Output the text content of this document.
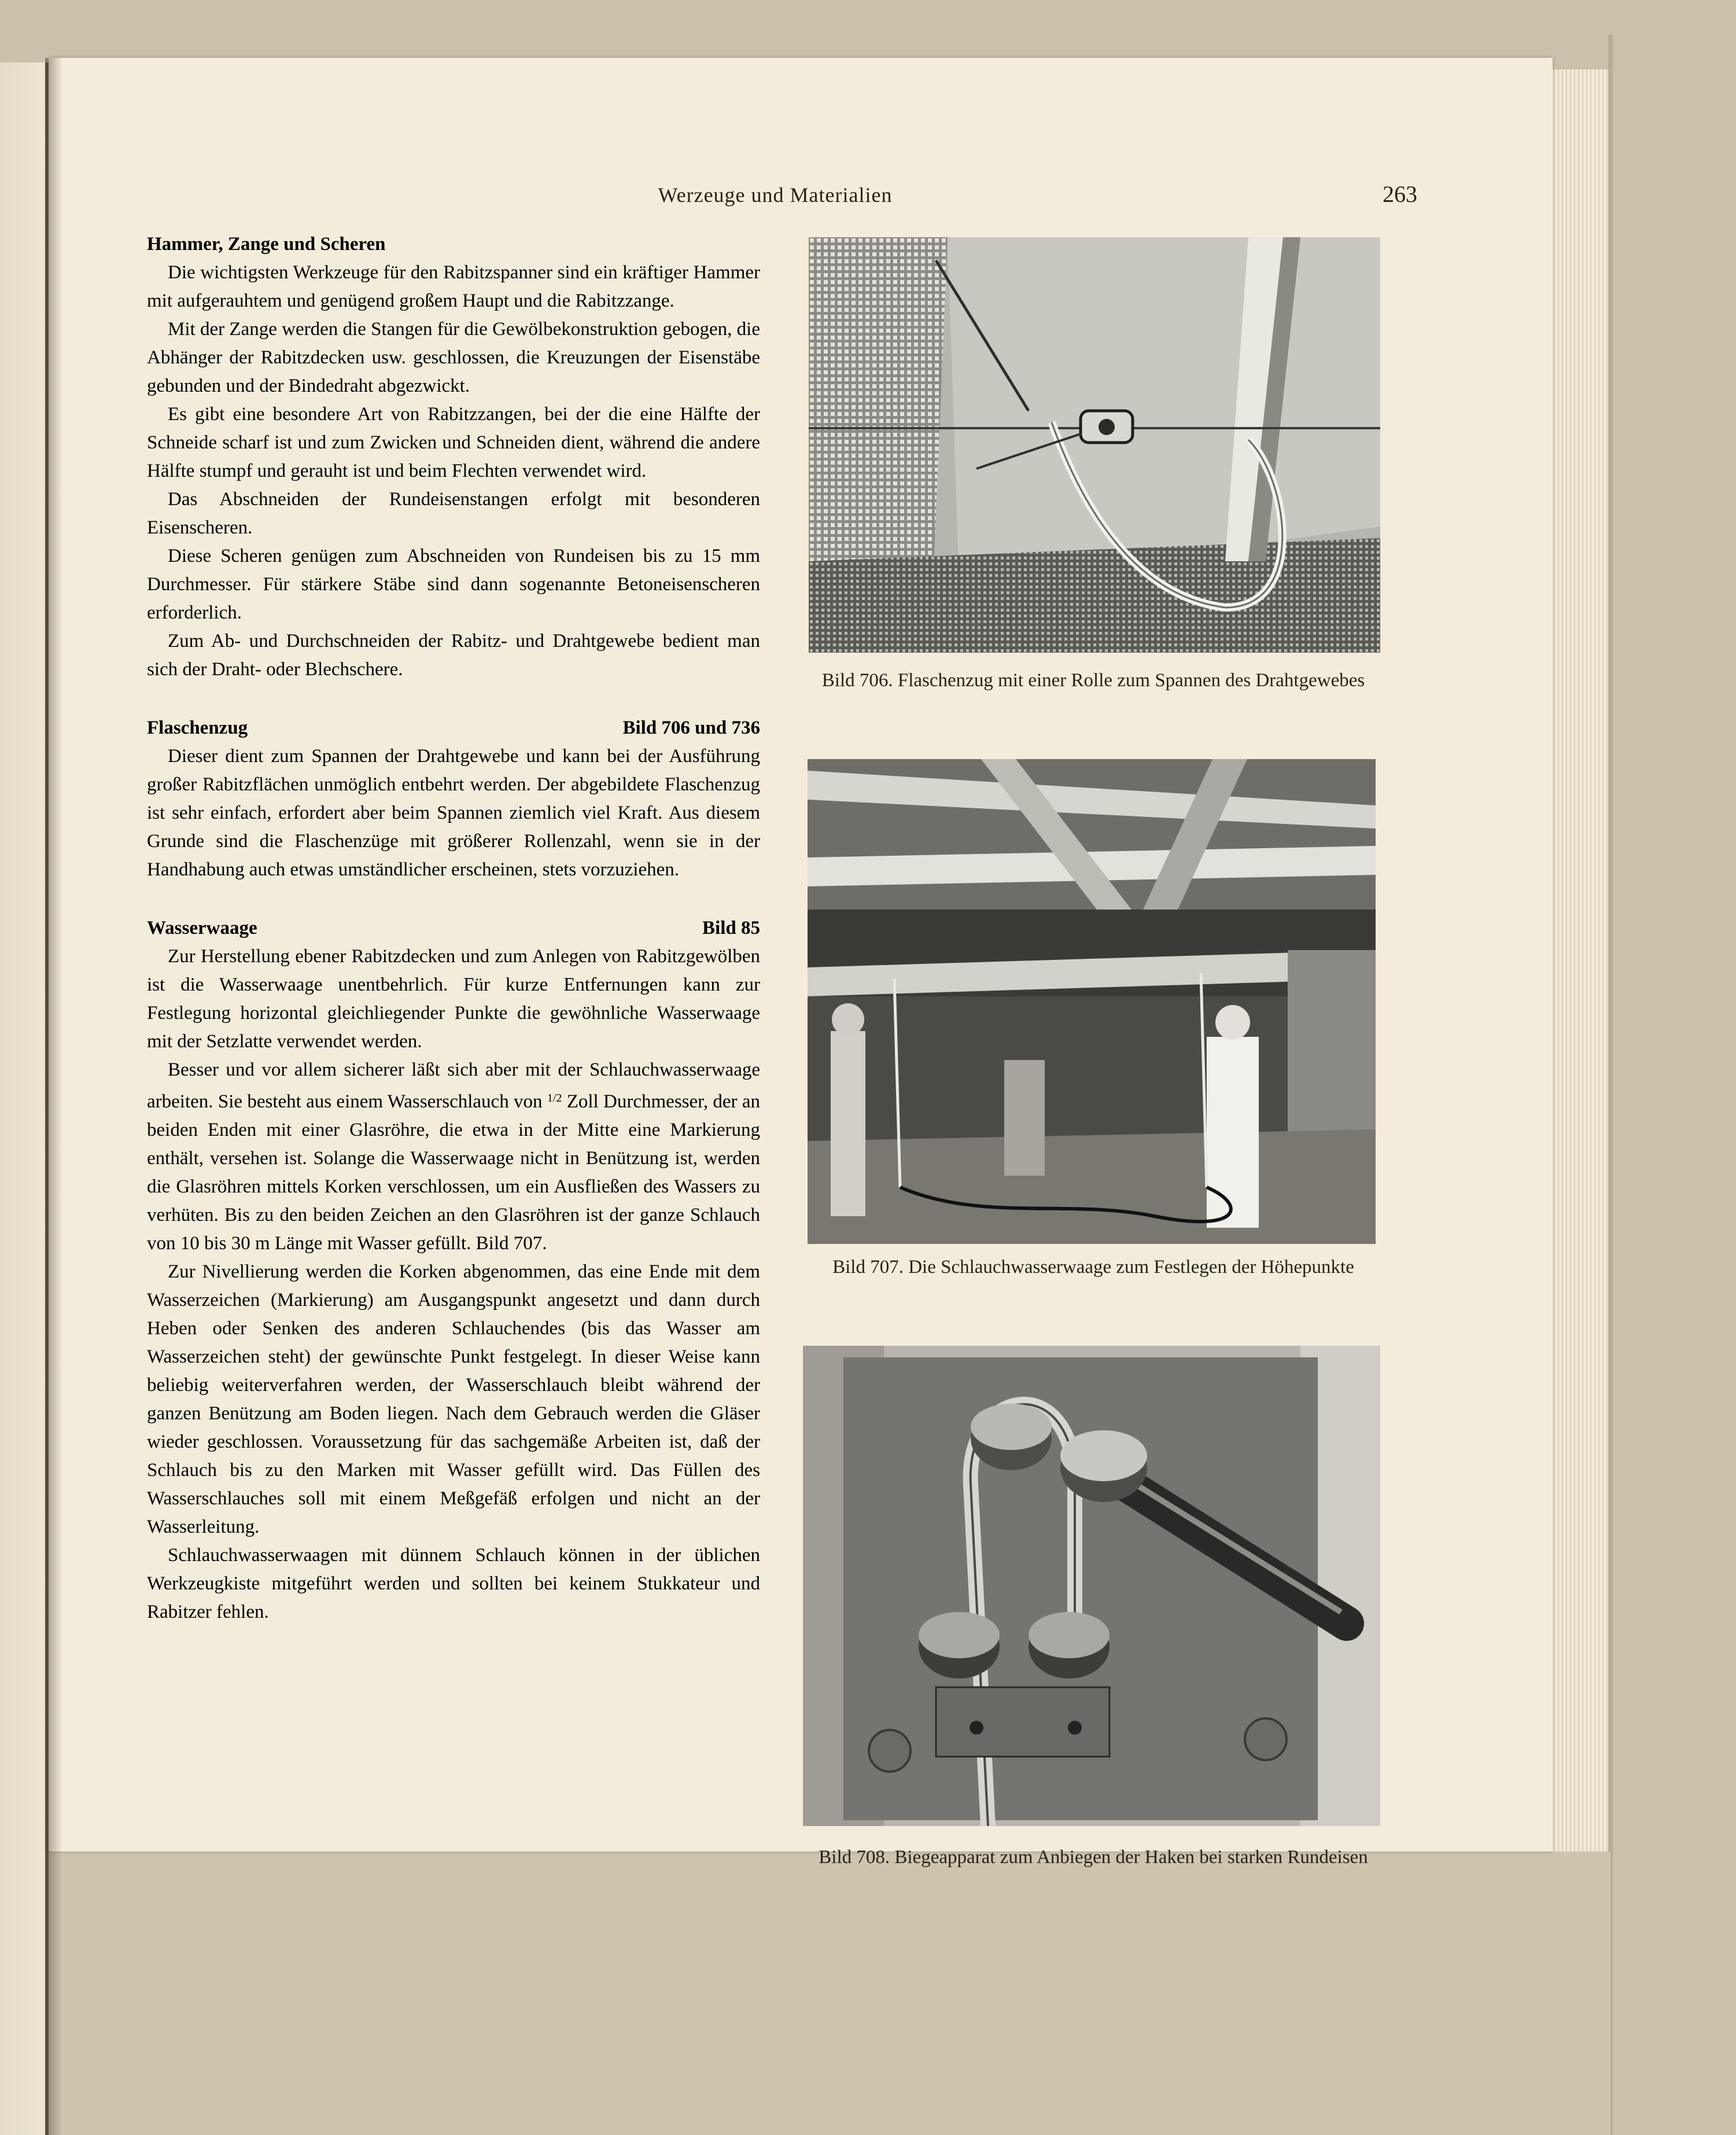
Werzeuge und Materialien	263
Hammer, Zange und Scheren

Die wichtigsten Werkzeuge für den Rabitzspanner sind ein kräftiger Hammer mit aufgerauhtem und genügend großem Haupt und die Rabitzzange.

Mit der Zange werden die Stangen für die Gewölbekonstruktion gebogen, die Abhänger der Rabitzdecken usw. geschlossen, die Kreuzungen der Eisenstäbe gebunden und der Bindedraht abgezwickt.

Es gibt eine besondere Art von Rabitzzangen, bei der die eine Hälfte der Schneide scharf ist und zum Zwicken und Schneiden dient, während die andere Hälfte stumpf und gerauht ist und beim Flechten verwendet wird.

Das Abschneiden der Rundeisenstangen erfolgt mit besonderen Eisenscheren.

Diese Scheren genügen zum Abschneiden von Rundeisen bis zu 15 mm Durchmesser. Für stärkere Stäbe sind dann sogenannte Betoneisenscheren erforderlich.

Zum Ab- und Durchschneiden der Rabitz- und Drahtgewebe bedient man sich der Draht- oder Blechschere.

Flaschenzug	Bild 706 und 736

Dieser dient zum Spannen der Drahtgewebe und kann bei der Ausführung großer Rabitzflächen unmöglich entbehrt werden. Der abgebildete Flaschenzug ist sehr einfach, erfordert aber beim Spannen ziemlich viel Kraft. Aus diesem Grunde sind die Flaschenzüge mit größerer Rollenzahl, wenn sie in der Handhabung auch etwas umständlicher erscheinen, stets vorzuziehen.

Wasserwaage	Bild 85

Zur Herstellung ebener Rabitzdecken und zum Anlegen von Rabitzgewölben ist die Wasserwaage unentbehrlich. Für kurze Entfernungen kann zur Festlegung horizontal gleichliegender Punkte die gewöhnliche Wasserwaage mit der Setzlatte verwendet werden.

Besser und vor allem sicherer läßt sich aber mit der Schlauchwasserwaage arbeiten. Sie besteht aus einem Wasserschlauch von $^{1/2}$ Zoll Durchmesser, der an beiden Enden mit einer Glasröhre, die etwa in der Mitte eine Markierung enthält, versehen ist. Solange die Wasserwaage nicht in Benützung ist, werden die Glasröhren mittels Korken verschlossen, um ein Ausfließen des Wassers zu verhüten. Bis zu den beiden Zeichen an den Glasröhren ist der ganze Schlauch von 10 bis 30 m Länge mit Wasser gefüllt. Bild 707.

Zur Nivellierung werden die Korken abgenommen, das eine Ende mit dem Wasserzeichen (Markierung) am Ausgangspunkt angesetzt und dann durch Heben oder Senken des anderen Schlauchendes (bis das Wasser am Wasserzeichen steht) der gewünschte Punkt festgelegt. In dieser Weise kann beliebig weiterverfahren werden, der Wasserschlauch bleibt während der ganzen Benützung am Boden liegen. Nach dem Gebrauch werden die Gläser wieder geschlossen. Voraussetzung für das sachgemäße Arbeiten ist, daß der Schlauch bis zu den Marken mit Wasser gefüllt wird. Das Füllen des Wasserschlauches soll mit einem Meßgefäß erfolgen und nicht an der Wasserleitung.

Schlauchwasserwaagen mit dünnem Schlauch können in der üblichen Werkzeugkiste mitgeführt werden und sollten bei keinem Stukkateur und Rabitzer fehlen.

Bild 706. Flaschenzug mit einer Rolle zum Spannen des Drahtgewebes
Bild 707. Die Schlauchwasserwaage zum Festlegen der Höhepunkte
Bild 708. Biegeapparat zum Anbiegen der Haken bei starken Rundeisen
